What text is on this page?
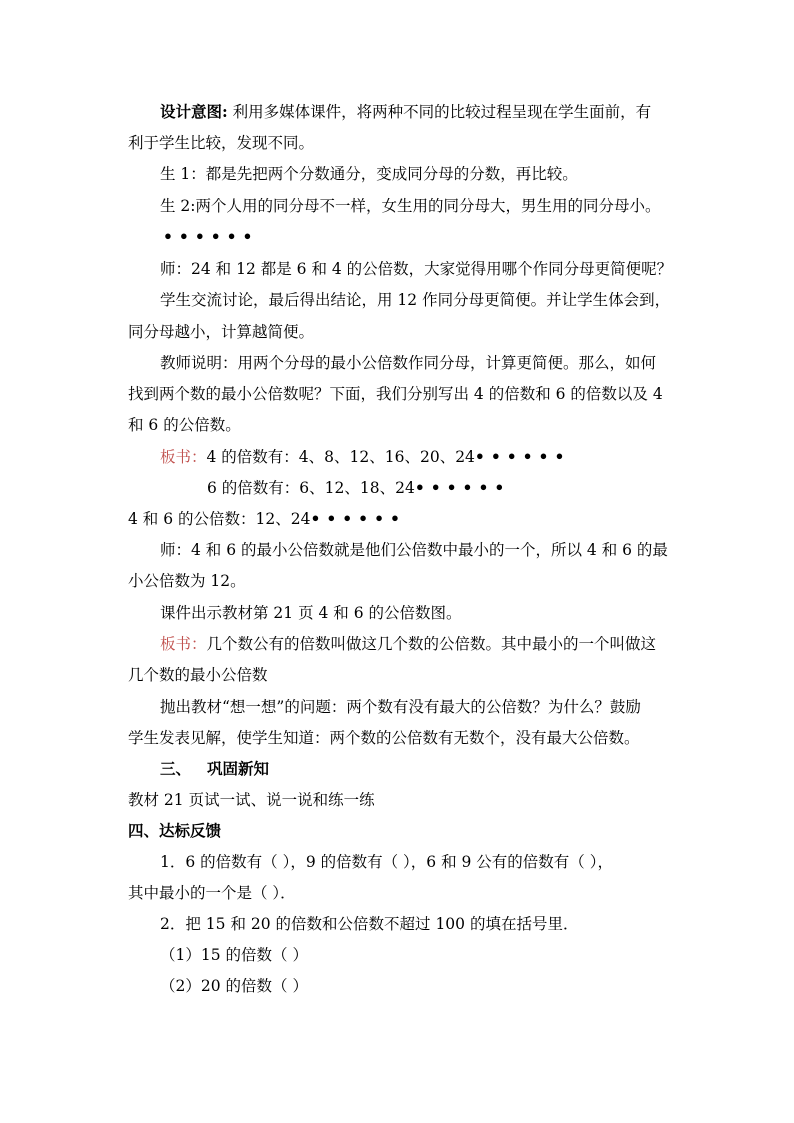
设计意图: 利用多媒体课件，将两种不同的比较过程呈现在学生面前，有
利于学生比较，发现不同。
生 1：都是先把两个分数通分，变成同分母的分数，再比较。
生 2:两个人用的同分母不一样，女生用的同分母大，男生用的同分母小。
••••••
师：24 和 12 都是 6 和 4 的公倍数，大家觉得用哪个作同分母更简便呢？
学生交流讨论，最后得出结论，用 12 作同分母更简便。并让学生体会到，
同分母越小，计算越简便。
教师说明：用两个分母的最小公倍数作同分母，计算更简便。那么，如何
找到两个数的最小公倍数呢？下面，我们分别写出 4 的倍数和 6 的倍数以及 4
和 6 的公倍数。
板书：4 的倍数有：4、8、12、16、20、24••••••
6 的倍数有：6、12、18、24••••••
4 和 6 的公倍数：12、24••••••
师：4 和 6 的最小公倍数就是他们公倍数中最小的一个，所以 4 和 6 的最
小公倍数为 12。
课件出示教材第 21 页 4 和 6 的公倍数图。
板书：几个数公有的倍数叫做这几个数的公倍数。其中最小的一个叫做这
几个数的最小公倍数
抛出教材“想一想”的问题：两个数有没有最大的公倍数？为什么？鼓励
学生发表见解，使学生知道：两个数的公倍数有无数个，没有最大公倍数。
三、 巩固新知
教材 21 页试一试、说一说和练一练
四、达标反馈
1．6 的倍数有（ ），9 的倍数有（ ），6 和 9 公有的倍数有（ ），
其中最小的一个是（ ）．
2．把 15 和 20 的倍数和公倍数不超过 100 的填在括号里．
（1）15 的倍数（ ）
（2）20 的倍数（ ）
